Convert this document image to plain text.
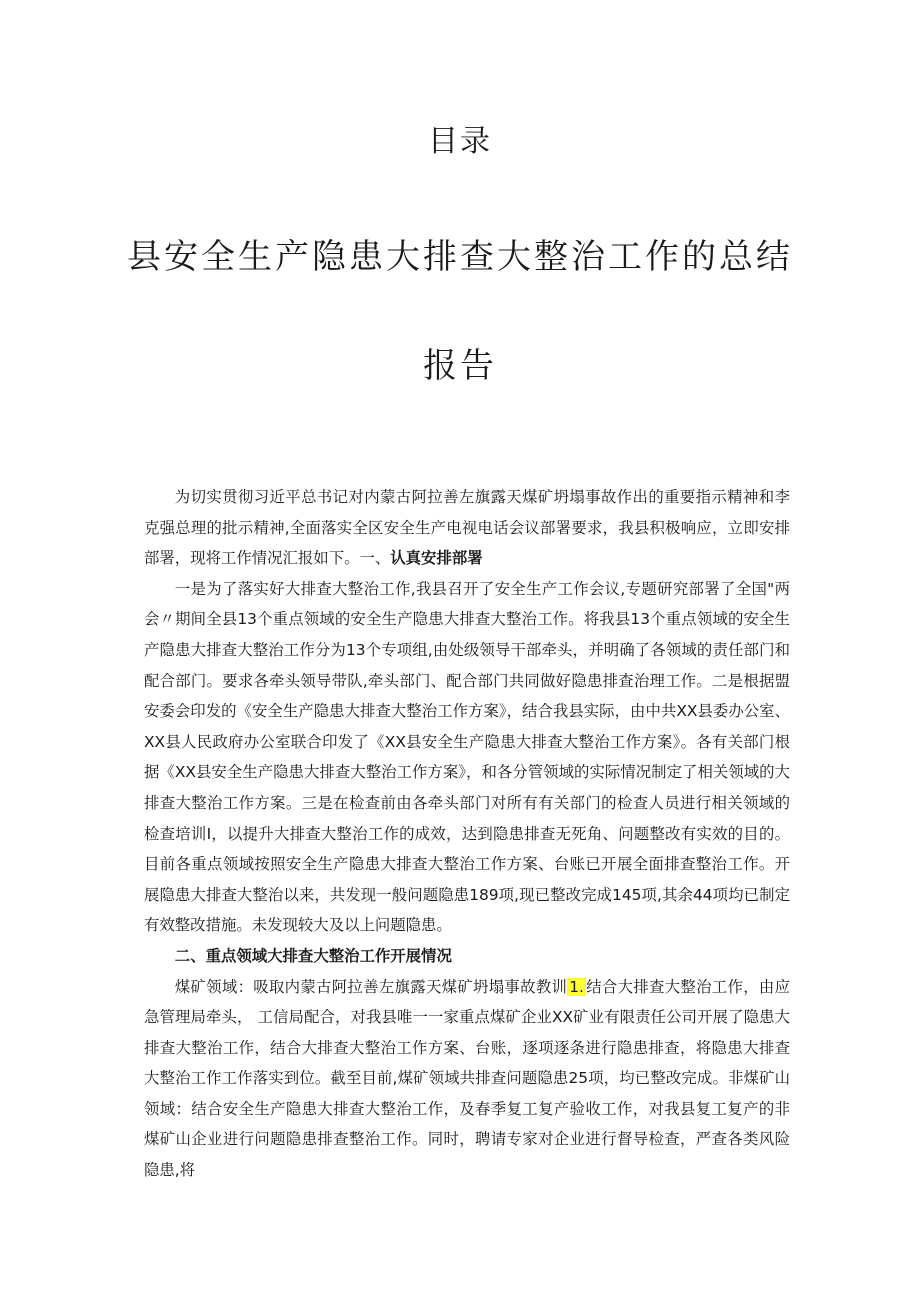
目录
县安全生产隐患大排查大整治工作的总结
报告

为切实贯彻习近平总书记对内蒙古阿拉善左旗露天煤矿坍塌事故作出的重要指示精神和李克强总理的批示精神,全面落实全区安全生产电视电话会议部署要求，我县积极响应，立即安排部署，现将工作情况汇报如下。一、认真安排部署

一是为了落实好大排查大整治工作,我县召开了安全生产工作会议,专题研究部署了全国"两会〃期间全县13个重点领域的安全生产隐患大排查大整治工作。将我县13个重点领域的安全生产隐患大排查大整治工作分为13个专项组,由处级领导干部牵头，并明确了各领域的责任部门和配合部门。要求各牵头领导带队,牵头部门、配合部门共同做好隐患排查治理工作。二是根据盟安委会印发的《安全生产隐患大排查大整治工作方案》，结合我县实际，由中共XX县委办公室、XX县人民政府办公室联合印发了《XX县安全生产隐患大排查大整治工作方案》。各有关部门根据《XX县安全生产隐患大排查大整治工作方案》，和各分管领域的实际情况制定了相关领域的大排查大整治工作方案。三是在检查前由各牵头部门对所有有关部门的检查人员进行相关领域的检查培训I，以提升大排查大整治工作的成效，达到隐患排查无死角、问题整改有实效的目的。目前各重点领域按照安全生产隐患大排查大整治工作方案、台账已开展全面排查整治工作。开展隐患大排查大整治以来，共发现一般问题隐患189项,现已整改完成145项,其余44项均已制定有效整改措施。未发现较大及以上问题隐患。

二、重点领域大排查大整治工作开展情况

煤矿领域：吸取内蒙古阿拉善左旗露天煤矿坍塌事故教训 1. 结合大排查大整治工作，由应急管理局牵头， 工信局配合，对我县唯一一家重点煤矿企业XX矿业有限责任公司开展了隐患大排查大整治工作，结合大排查大整治工作方案、台账，逐项逐条进行隐患排查，将隐患大排查大整治工作工作落实到位。截至目前,煤矿领域共排查问题隐患25项，均已整改完成。非煤矿山领域：结合安全生产隐患大排查大整治工作，及春季复工复产验收工作，对我县复工复产的非煤矿山企业进行问题隐患排查整治工作。同时，聘请专家对企业进行督导检查，严查各类风险隐患,将
